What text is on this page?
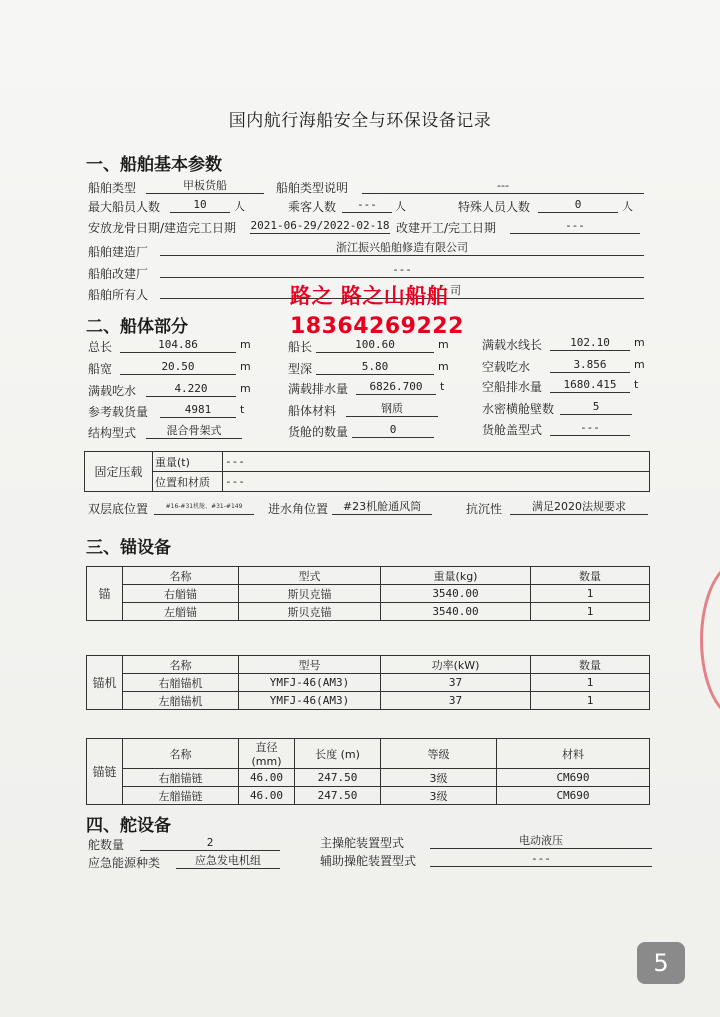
国内航行海船安全与环保设备记录
一、船舶基本参数
船舶类型	甲板货船	船舶类型说明	---
最大船员人数	10	人	乘客人数	---	人	特殊人员人数	0	人
安放龙骨日期/建造完工日期 2021-06-29/2022-02-18 改建开工/完工日期	---
船舶建造厂	浙江振兴船舶修造有限公司
船舶改建厂	---
船舶所有人	司
二、船体部分
总长	104.86	m	船长	100.60	m	满载水线长	102.10	m
船宽	20.50	m	型深	5.80	m	空载吃水	3.856	m
满载吃水	4.220	m	满载排水量	6826.700	t	空船排水量	1680.415	t
参考载货量	4981	t	船体材料	钢质	水密横舱壁数	5
结构型式	混合骨架式	货舱的数量	0	货舱盖型式	---
固定压载	重量(t)	---
	位置和材质	---
双层底位置	#16-#31机舱、#31-#149	进水角位置	#23机舱通风筒	抗沉性	满足2020法规要求
三、锚设备
锚	名称	型式	重量(kg)	数量
	右艏锚	斯贝克锚	3540.00	1
	左艏锚	斯贝克锚	3540.00	1
锚机	名称	型号	功率(kW)	数量
	右艏锚机	YMFJ-46(AM3)	37	1
	左艏锚机	YMFJ-46(AM3)	37	1
锚链	名称	直径 (mm)	长度 (m)	等级	材料
	右艏锚链	46.00	247.50	3级	CM690
	左艏锚链	46.00	247.50	3级	CM690
四、舵设备
舵数量	2	主操舵装置型式	电动液压
应急能源种类	应急发电机组	辅助操舵装置型式	---
路之 路之山船舶
18364269222
5
